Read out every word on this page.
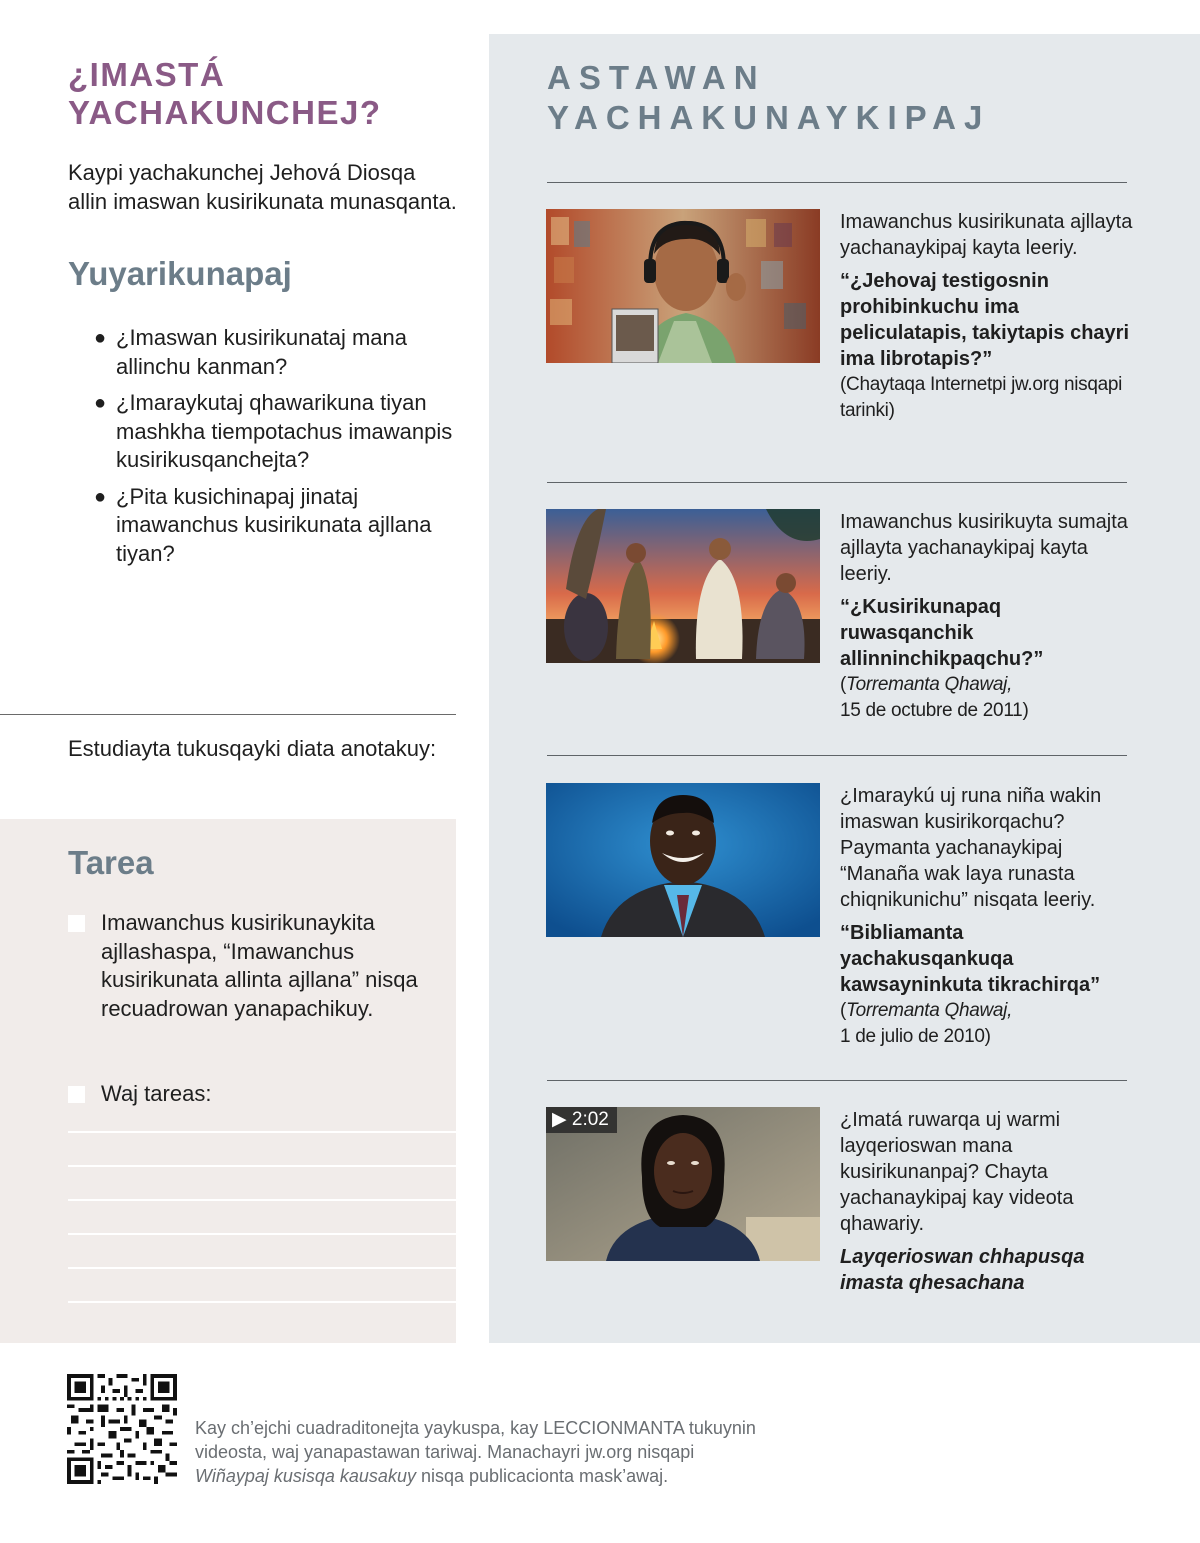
¿IMASTÁ
YACHAKUNCHEJ?

Kaypi yachakunchej Jehová Diosqa allin imaswan kusirikunata munasqanta.

Yuyarikunapaj
● ¿Imaswan kusirikunataj mana allinchu kanman?
● ¿Imaraykutaj qhawarikuna tiyan mashkha tiempotachus imawanpis kusirikusqanchejta?
● ¿Pita kusichinapaj jinataj imawanchus kusirikunata ajllana tiyan?

Estudiayta tukusqayki diata anotakuy:

Tarea
Imawanchus kusirikunaykita ajllashaspa, “Imawanchus kusirikunata allinta ajllana” nisqa recuadrowan yanapachikuy.
Waj tareas:
ASTAWAN
YACHAKUNAYKIPAJ

Imawanchus kusirikunata ajllayta yachanaykipaj kayta leeriy.

“¿Jehovaj testigosnin prohibinkuchu ima peliculatapis, takiytapis chayri ima librotapis?”

(Chaytaqa Internetpi jw.org nisqapi tarinki)

Imawanchus kusirikuyta sumajta ajllayta yachanaykipaj kayta leeriy.

“¿Kusirikunapaq ruwasqanchik allinninchikpaqchu?”

(Torremanta Qhawaj,
15 de octubre de 2011)

¿Imaraykú uj runa niña wakin imaswan kusirikorqachu? Paymanta yachanaykipaj “Manaña wak laya runasta chiqnikunichu” nisqata leeriy.

“Bibliamanta yachakusqankuqa kawsayninkuta tikrachirqa”

(Torremanta Qhawaj,
1 de julio de 2010)

▶ 2:02	¿Imatá ruwarqa uj warmi layqerioswan mana kusirikunanpaj? Chayta yachanaykipaj kay videota qhawariy.

Layqerioswan chhapusqa imasta qhesachana

Kay ch’ejchi cuadraditonejta yaykuspa, kay LECCIONMANTA tukuynin
videosta, waj yanapastawan tariwaj. Manachayri jw.org nisqapi
Wiñaypaj kusisqa kausakuy nisqa publicacionta mask’awaj.
